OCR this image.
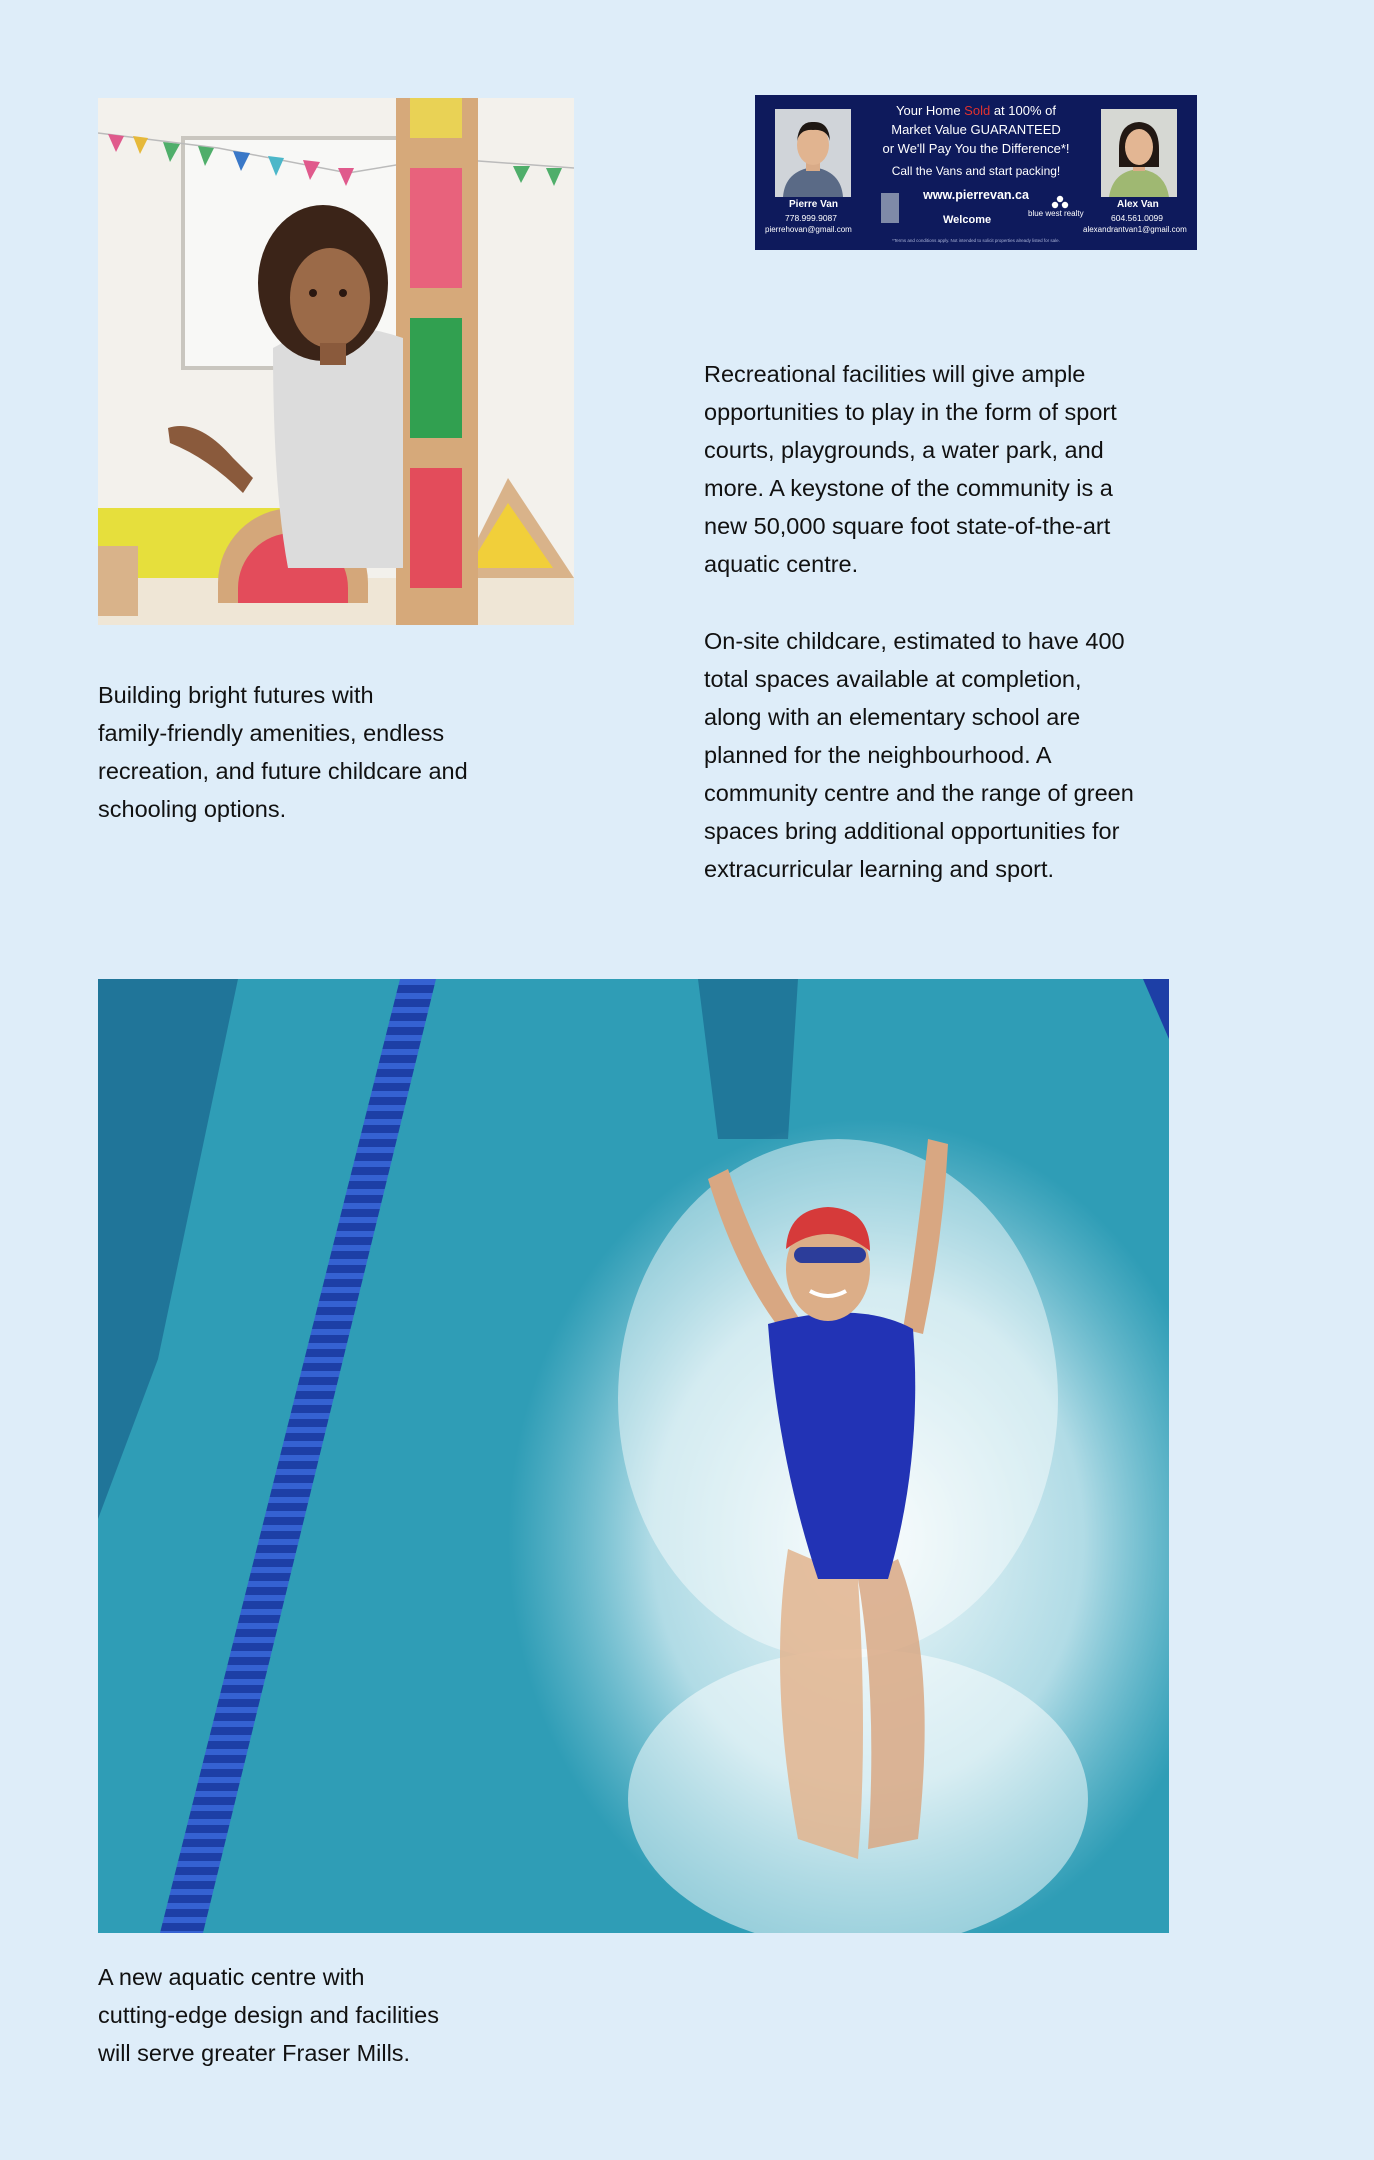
Your Home Sold at 100% of
Market Value GUARANTEED
or We'll Pay You the Difference*!
Call the Vans and start packing!
www.pierrevan.ca
Pierre Van
778.999.9087
pierrehovan@gmail.com
Alex Van
604.561.0099
alexandrantvan1@gmail.com
Welcome
blue west realty
*Terms and conditions apply. Not intended to solicit properties already listed for sale.
Recreational facilities will give ample
opportunities to play in the form of sport
courts, playgrounds, a water park, and
more. A keystone of the community is a
new 50,000 square foot state-of-the-art
aquatic centre.
On-site childcare, estimated to have 400
total spaces available at completion,
along with an elementary school are
planned for the neighbourhood. A
community centre and the range of green
spaces bring additional opportunities for
extracurricular learning and sport.
Building bright futures with
family-friendly amenities, endless
recreation, and future childcare and
schooling options.
A new aquatic centre with
cutting-edge design and facilities
will serve greater Fraser Mills.
